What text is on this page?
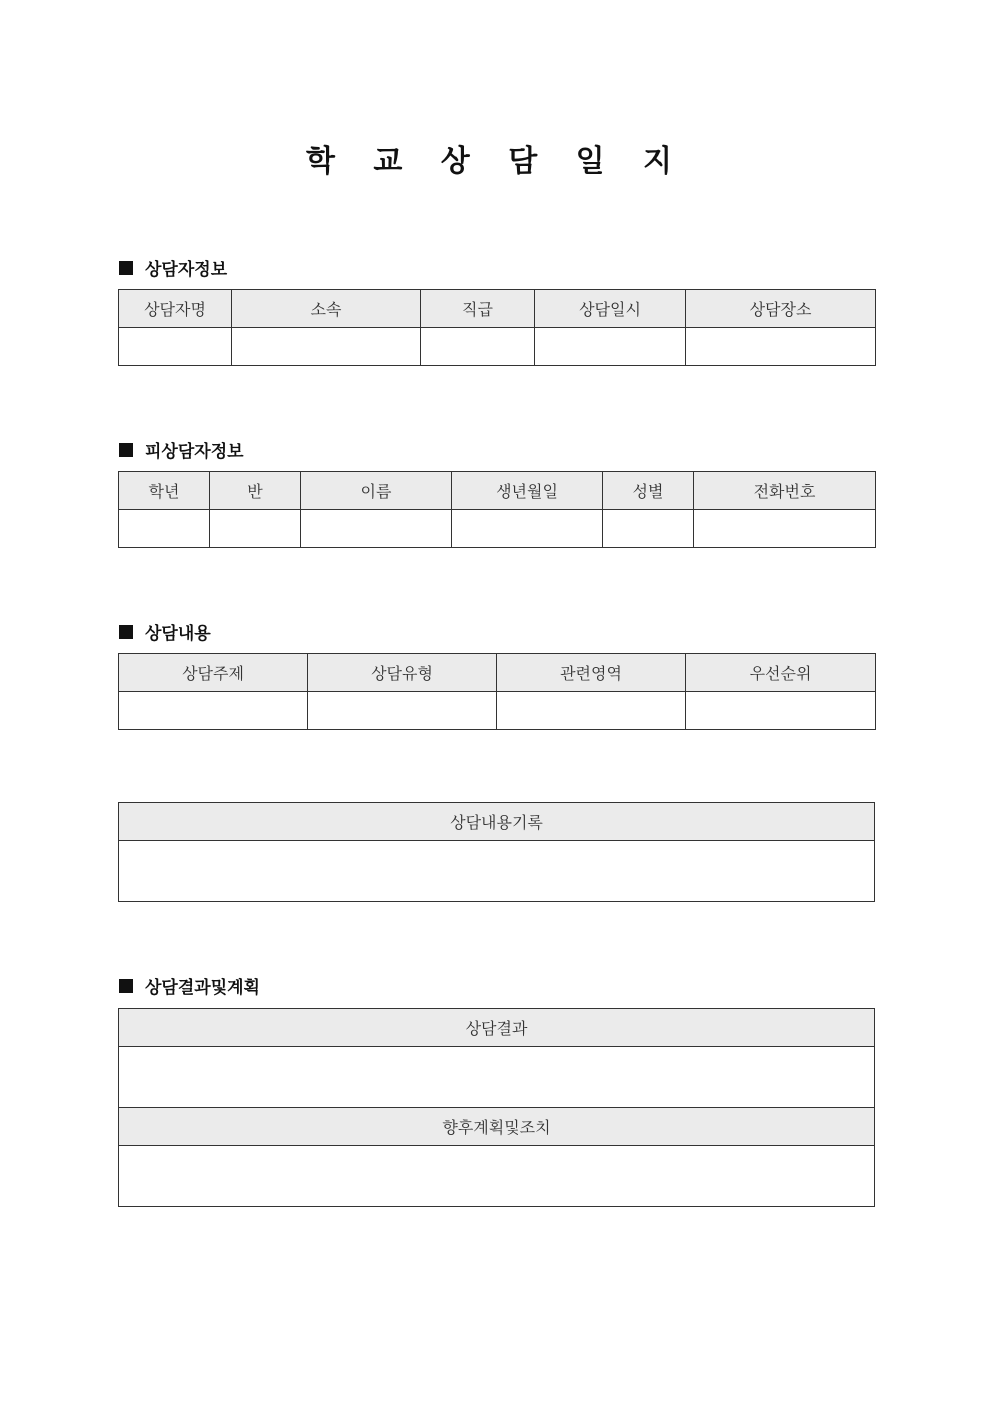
학 교 상 담 일 지
상담자정보
상담자명	소속	직급	상담일시	상담장소

피상담자정보
학년	반	이름	생년월일	성별	전화번호

상담내용
상담주제	상담유형	관련영역	우선순위

상담내용기록

상담결과및계획
상담결과

향후계획및조치
